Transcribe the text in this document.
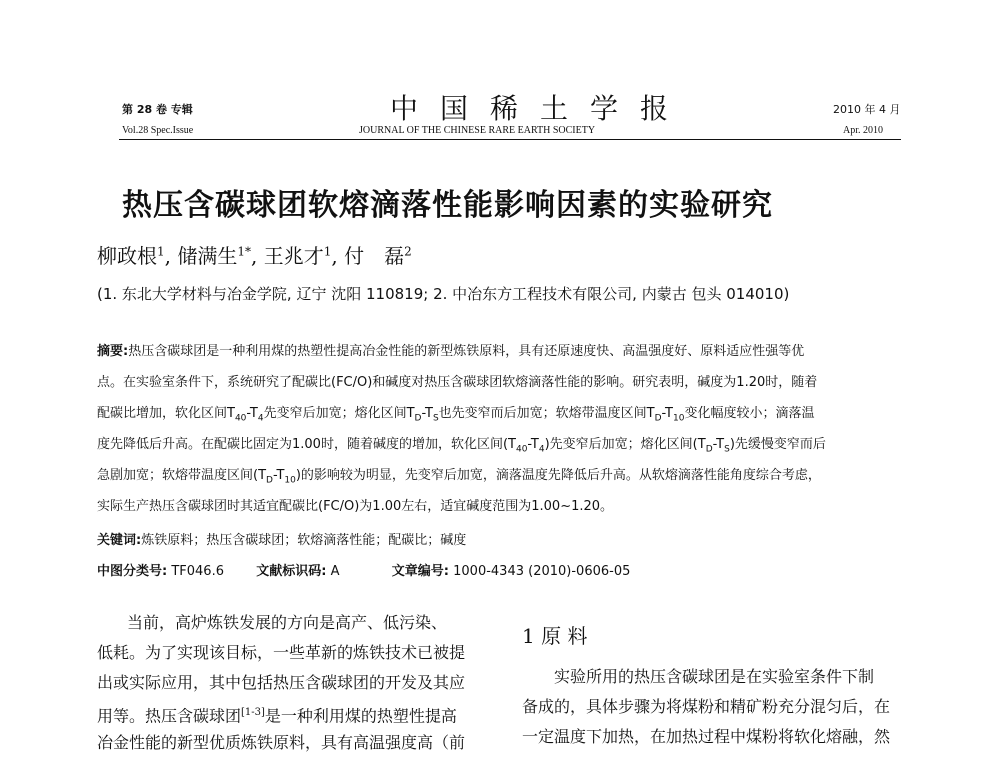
第 28 卷 专辑
Vol.28 Spec.Issue
中国稀土学报
JOURNAL OF THE CHINESE RARE EARTH SOCIETY
2010 年 4 月
Apr. 2010
热压含碳球团软熔滴落性能影响因素的实验研究
柳政根$^1$, 储满生$^{1*}$, 王兆才$^1$, 付　磊$^2$
(1. 东北大学材料与冶金学院, 辽宁 沈阳 110819; 2. 中冶东方工程技术有限公司, 内蒙古 包头 014010)
摘要:热压含碳球团是一种利用煤的热塑性提高冶金性能的新型炼铁原料，具有还原速度快、高温强度好、原料适应性强等优
点。在实验室条件下，系统研究了配碳比(FC/O)和碱度对热压含碳球团软熔滴落性能的影响。研究表明，碱度为1.20时，随着
配碳比增加，软化区间$T_{40}-T_4$先变窄后加宽；熔化区间$T_D-T_S$也先变窄而后加宽；软熔带温度区间$T_D-T_{10}$变化幅度较小；滴落温
度先降低后升高。在配碳比固定为1.00时，随着碱度的增加，软化区间$(T_{40}-T_4)$先变窄后加宽；熔化区间$(T_D-T_S)$先缓慢变窄而后
急剧加宽；软熔带温度区间$(T_D-T_{10})$的影响较为明显，先变窄后加宽，滴落温度先降低后升高。从软熔滴落性能角度综合考虑，
实际生产热压含碳球团时其适宜配碳比(FC/O)为1.00左右，适宜碱度范围为1.00~1.20。
关键词:炼铁原料；热压含碳球团；软熔滴落性能；配碳比；碱度
中图分类号: TF046.6 文献标识码: A	文章编号: 1000-4343 (2010)-0606-05
当前，高炉炼铁发展的方向是高产、低污染、
低耗。为了实现该目标，一些革新的炼铁技术已被提
出或实际应用，其中包括热压含碳球团的开发及其应
用等。热压含碳球团[1-3]是一种利用煤的热塑性提高
冶金性能的新型优质炼铁原料，具有高温强度高（前
1 原 料
实验所用的热压含碳球团是在实验室条件下制
备成的，具体步骤为将煤粉和精矿粉充分混匀后，在
一定温度下加热，在加热过程中煤粉将软化熔融，然
